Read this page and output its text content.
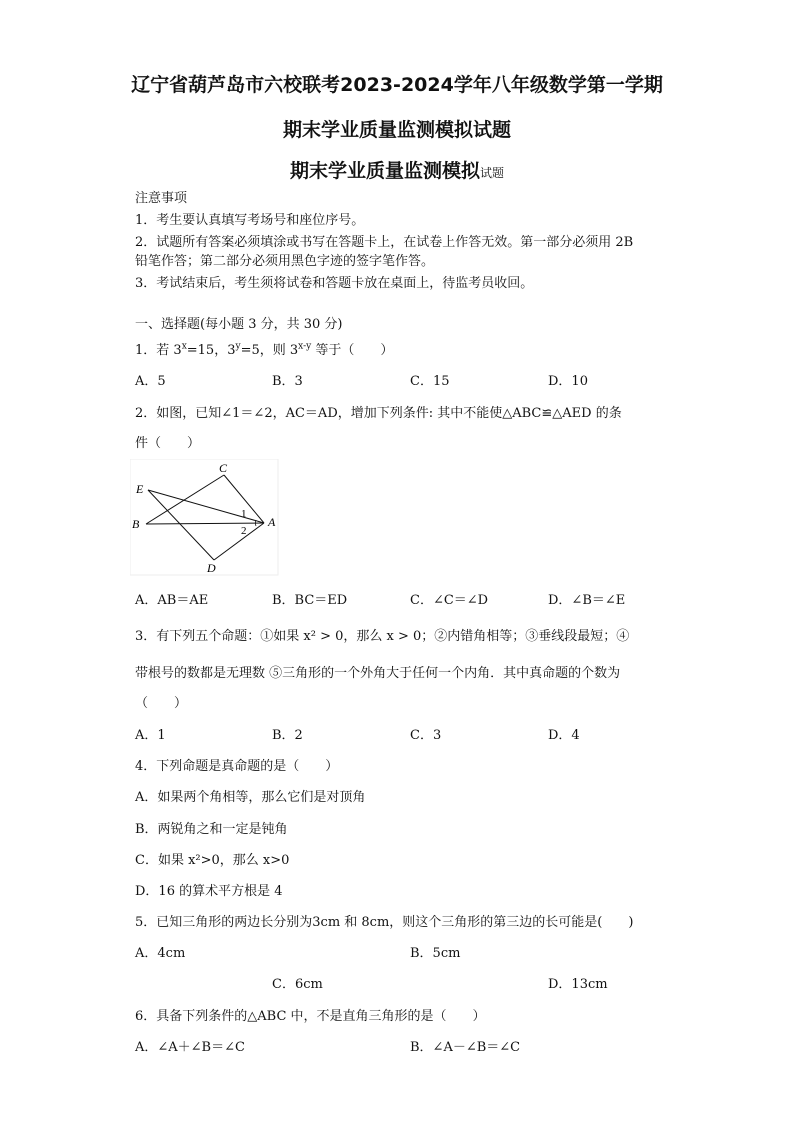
辽宁省葫芦岛市六校联考2023-2024学年八年级数学第一学期
期末学业质量监测模拟试题
期末学业质量监测模拟试题
注意事项
1．考生要认真填写考场号和座位序号。
2．试题所有答案必须填涂或书写在答题卡上，在试卷上作答无效。第一部分必须用 2B
铅笔作答；第二部分必须用黑色字迹的签字笔作答。
3．考试结束后，考生须将试卷和答题卡放在桌面上，待监考员收回。
一、选择题(每小题 3 分，共 30 分)
1．若 $3^x=15$，$3^y=5$，则 3$^{x-y}$ 等于（　　）
A．5	B．3	C．15	D．10
2．如图，已知∠1＝∠2，AC＝AD，增加下列条件: 其中不能使△ABC≌△AED 的条
件（　　）
C
E
B	A
D
1
2
A．AB＝AE	B．BC＝ED	C．∠C＝∠D	D．∠B＝∠E
3．有下列五个命题：①如果 x² > 0，那么 x > 0；②内错角相等；③垂线段最短；④
带根号的数都是无理数 ⑤三角形的一个外角大于任何一个内角．其中真命题的个数为
（　　）
A．1	B．2	C．3	D．4
4．下列命题是真命题的是（　　）
A．如果两个角相等，那么它们是对顶角
B．两锐角之和一定是钝角
C．如果 x²>0，那么 x>0
D．16 的算术平方根是 4
5．已知三角形的两边长分别为3cm 和 8cm，则这个三角形的第三边的长可能是(　　)
A．4cm	B．5cm
C．6cm	D．13cm
6．具备下列条件的△ABC 中，不是直角三角形的是（　　）
A．∠A＋∠B＝∠C	B．∠A－∠B＝∠C
